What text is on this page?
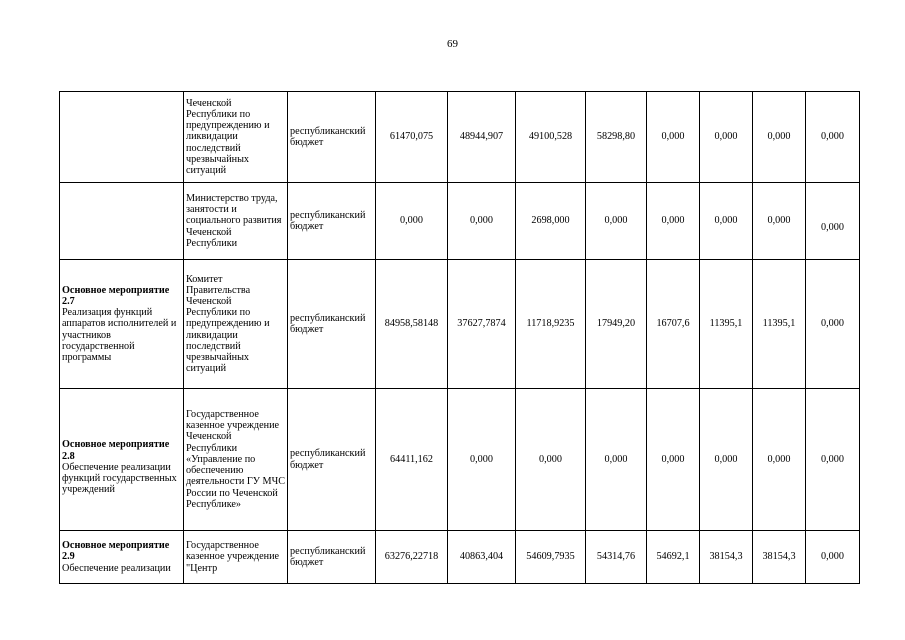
69
	Чеченской Республики по предупреждению и ликвидации последствий чрезвычайных ситуаций	республиканский бюджет	61470,075	48944,907	49100,528	58298,80	0,000	0,000	0,000	0,000

	Министерство труда, занятости и социального развития Чеченской Республики	республиканский бюджет	0,000	0,000	2698,000	0,000	0,000	0,000	0,000	0,000

Основное мероприятие 2.7
Реализация функций аппаратов исполнителей и участников государственной программы	Комитет Правительства Чеченской Республики по предупреждению и ликвидации последствий чрезвычайных ситуаций	республиканский бюджет	84958,58148	37627,7874	11718,9235	17949,20	16707,6	11395,1	11395,1	0,000

Основное мероприятие 2.8
Обеспечение реализации функций государственных учреждений	Государственное казенное учреждение Чеченской Республики «Управление по обеспечению деятельности ГУ МЧС России по Чеченской Республике»	республиканский бюджет	64411,162	0,000	0,000	0,000	0,000	0,000	0,000	0,000

Основное мероприятие 2.9
Обеспечение реализации	Государственное казенное учреждение "Центр	республиканский бюджет	63276,22718	40863,404	54609,7935	54314,76	54692,1	38154,3	38154,3	0,000
